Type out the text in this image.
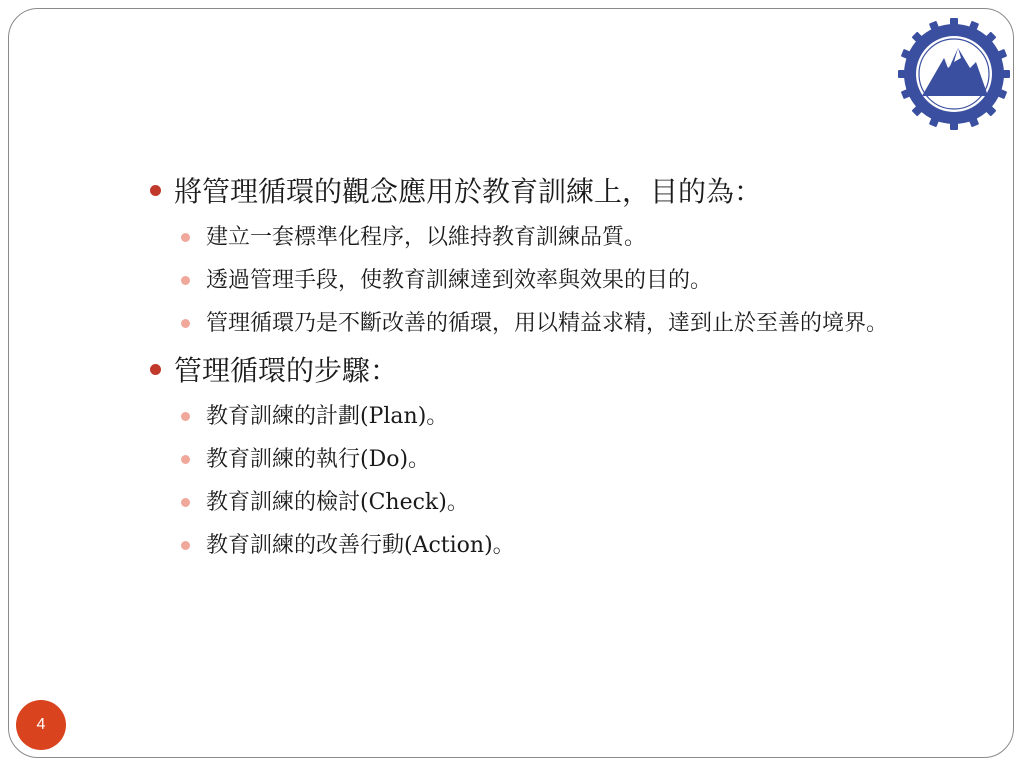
將管理循環的觀念應用於教育訓練上，目的為：
建立一套標準化程序，以維持教育訓練品質。
透過管理手段，使教育訓練達到效率與效果的目的。
管理循環乃是不斷改善的循環，用以精益求精，達到止於至善的境界。
管理循環的步驟：
教育訓練的計劃(Plan)。
教育訓練的執行(Do)。
教育訓練的檢討(Check)。
教育訓練的改善行動(Action)。
4
